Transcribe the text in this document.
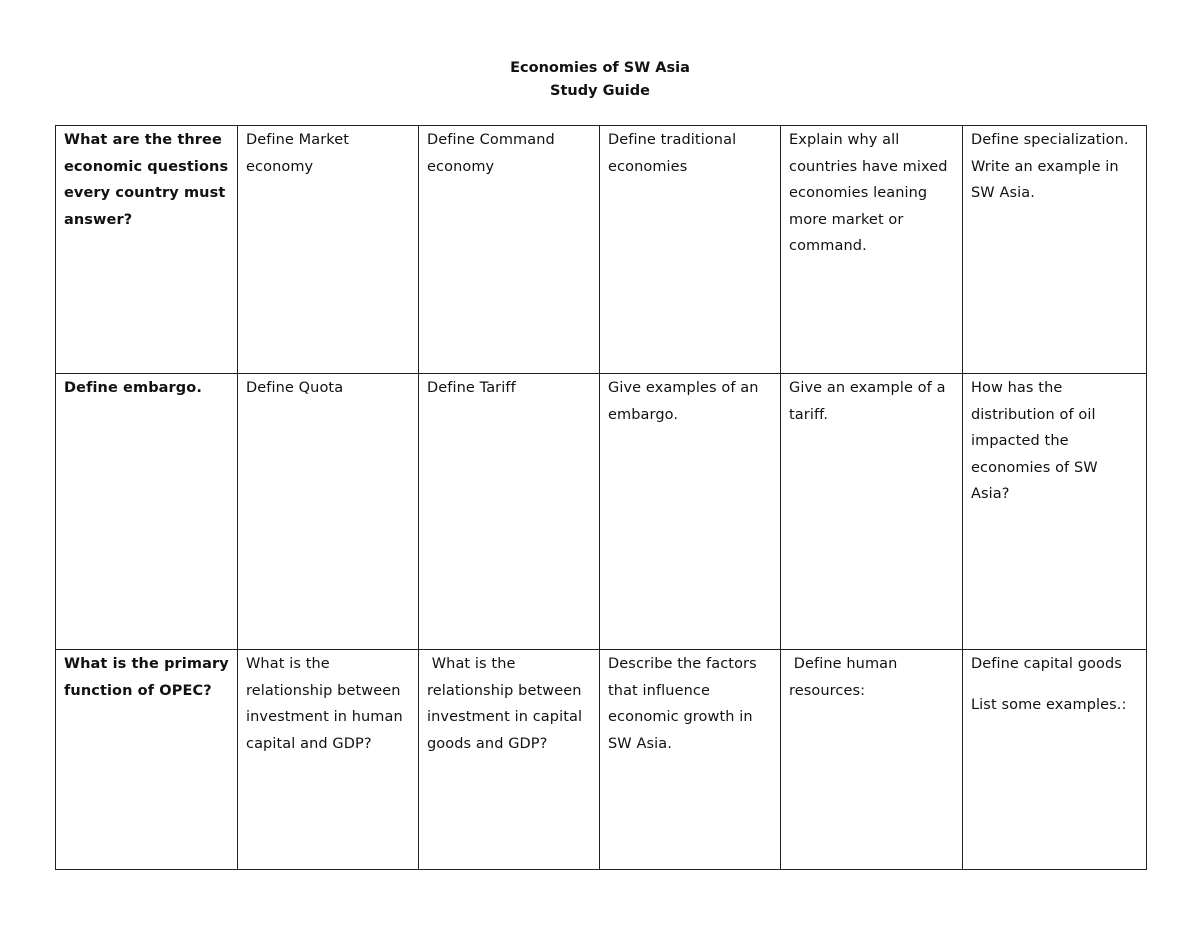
Economies of SW Asia
Study Guide
What are the three economic questions every country must answer?	Define Market economy	Define Command economy	Define traditional economies	Explain why all countries have mixed economies leaning more market or command.	Define specialization. Write an example in SW Asia.
Define embargo.	Define Quota	Define Tariff	Give examples of an embargo.	Give an example of a tariff.	How has the distribution of oil impacted the economies of SW Asia?
What is the primary function of OPEC?	What is the relationship between investment in human capital and GDP?	What is the relationship between investment in capital goods and GDP?	Describe the factors that influence economic growth in SW Asia.	Define human resources:	Define capital goods
List some examples.:
